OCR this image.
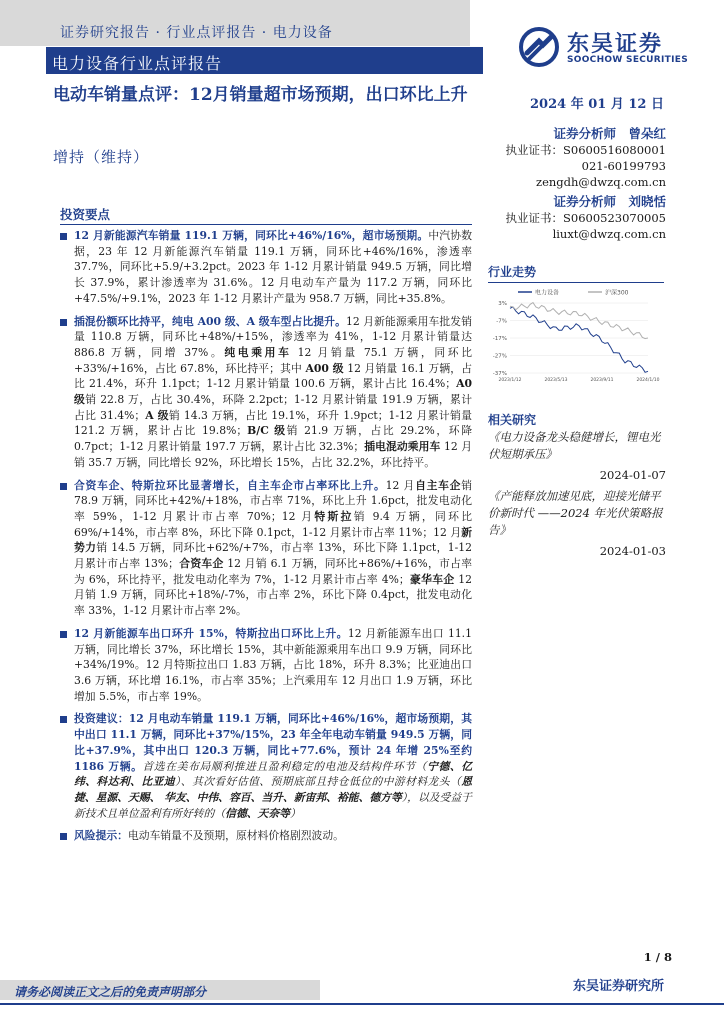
证券研究报告 · 行业点评报告 · 电力设备
电力设备行业点评报告
东吴证券
SOOCHOW SECURITIES
电动车销量点评：12月销量超市场预期，出口环比上升
增持（维持）
2024 年 01 月 12 日
证券分析师　曾朵红
执业证书：S0600516080001
021-60199793
zengdh@dwzq.com.cn
证券分析师　刘晓恬
执业证书：S0600523070005
liuxt@dwzq.com.cn
投资要点
12 月新能源汽车销量 119.1 万辆，同环比+46%/16%，超市场预期。中汽协数据，23 年 12 月新能源汽车销量 119.1 万辆，同环比+46%/16%，渗透率 37.7%，同环比+5.9/+3.2pct。2023 年 1-12 月累计销量 949.5 万辆，同比增长 37.9%，累计渗透率为 31.6%。12 月电动车产量为 117.2 万辆，同环比+47.5%/+9.1%，2023 年 1-12 月累计产量为 958.7 万辆，同比+35.8%。
插混份额环比持平，纯电 A00 级、A 级车型占比提升。12 月新能源乘用车批发销量 110.8 万辆，同环比+48%/+15%，渗透率为 41%，1-12 月累计销量达 886.8 万辆，同增 37%。纯电乘用车 12 月销量 75.1 万辆，同环比+33%/+16%，占比 67.8%，环比持平；其中 A00 级 12 月销量 16.1 万辆，占比 21.4%，环升 1.1pct；1-12 月累计销量 100.6 万辆，累计占比 16.4%；A0 级销 22.8 万，占比 30.4%，环降 2.2pct；1-12 月累计销量 191.9 万辆，累计占比 31.4%；A 级销 14.3 万辆，占比 19.1%，环升 1.9pct；1-12 月累计销量 121.2 万辆，累计占比 19.8%；B/C 级销 21.9 万辆，占比 29.2%，环降 0.7pct；1-12 月累计销量 197.7 万辆，累计占比 32.3%；插电混动乘用车 12 月销 35.7 万辆，同比增长 92%，环比增长 15%，占比 32.2%，环比持平。
合资车企、特斯拉环比显著增长，自主车企市占率环比上升。12 月自主车企销 78.9 万辆，同环比+42%/+18%，市占率 71%，环比上升 1.6pct，批发电动化率 59%，1-12 月累计市占率 70%；12 月特斯拉销 9.4 万辆，同环比 69%/+14%，市占率 8%，环比下降 0.1pct，1-12 月累计市占率 11%；12 月新势力销 14.5 万辆，同环比+62%/+7%，市占率 13%，环比下降 1.1pct，1-12 月累计市占率 13%；合资车企 12 月销 6.1 万辆，同环比+86%/+16%，市占率为 6%，环比持平，批发电动化率为 7%，1-12 月累计市占率 4%；豪华车企 12 月销 1.9 万辆，同环比+18%/-7%，市占率 2%，环比下降 0.4pct，批发电动化率 33%，1-12 月累计市占率 2%。
12 月新能源车出口环升 15%，特斯拉出口环比上升。12 月新能源车出口 11.1 万辆，同比增长 37%，环比增长 15%，其中新能源乘用车出口 9.9 万辆，同环比+34%/19%。12 月特斯拉出口 1.83 万辆，占比 18%，环升 8.3%；比亚迪出口 3.6 万辆，环比增 16.1%，市占率 35%；上汽乘用车 12 月出口 1.9 万辆，环比增加 5.5%，市占率 19%。
投资建议：12 月电动车销量 119.1 万辆，同环比+46%/16%，超市场预期，其中出口 11.1 万辆，同环比+37%/15%，23 年全年电动车销量 949.5 万辆，同比+37.9%，其中出口 120.3 万辆，同比+77.6%，预计 24 年增 25%至约 1186 万辆。首选在美布局顺利推进且盈利稳定的电池及结构件环节（宁德、亿纬、科达利、比亚迪）、其次看好估值、预期底部且持仓低位的中游材料龙头（恩捷、星源、天赐、 华友、中伟、容百、当升、新宙邦、裕能、德方等），以及受益于新技术且单位盈利有所好转的（信德、天奈等）
风险提示：电动车销量不及预期，原材料价格剧烈波动。
行业走势
电力设备	沪深300
3%
-7%
-17%
-27%
-37%
2023/1/12	2023/5/13	2023/9/11	2024/1/10
相关研究
《电力设备龙头稳健增长，锂电光伏短期承压》
2024-01-07
《产能释放加速见底，迎接光储平价新时代 ——2024 年光伏策略报告》
2024-01-03
1 / 8
请务必阅读正文之后的免责声明部分	东吴证券研究所
